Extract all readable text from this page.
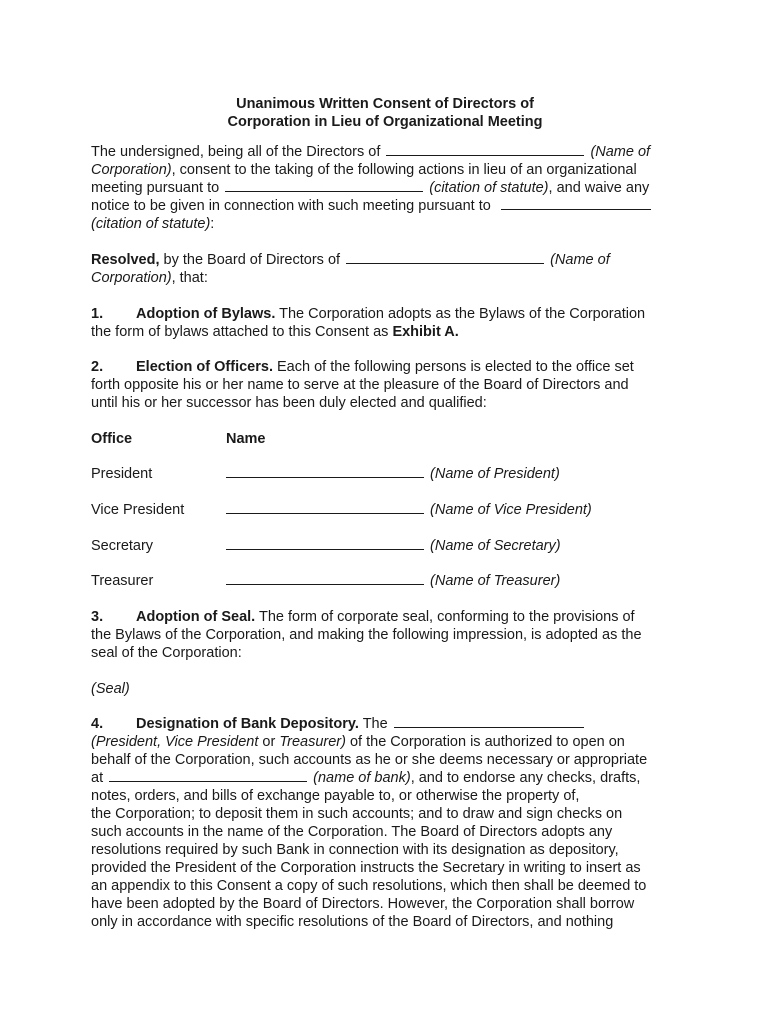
Unanimous Written Consent of Directors of
Corporation in Lieu of Organizational Meeting
The undersigned, being all of the Directors of	(Name of
Corporation), consent to the taking of the following actions in lieu of an organizational
meeting pursuant to	(citation of statute), and waive any
notice to be given in connection with such meeting pursuant to
(citation of statute):
Resolved, by the Board of Directors of	(Name of
Corporation), that:
1. Adoption of Bylaws. The Corporation adopts as the Bylaws of the Corporation
the form of bylaws attached to this Consent as Exhibit A.
2. Election of Officers. Each of the following persons is elected to the office set
forth opposite his or her name to serve at the pleasure of the Board of Directors and
until his or her successor has been duly elected and qualified:
Office	Name
President	(Name of President)
Vice President	(Name of Vice President)
Secretary	(Name of Secretary)
Treasurer	(Name of Treasurer)
3. Adoption of Seal. The form of corporate seal, conforming to the provisions of
the Bylaws of the Corporation, and making the following impression, is adopted as the
seal of the Corporation:
(Seal)
4. Designation of Bank Depository. The
(President, Vice President or Treasurer) of the Corporation is authorized to open on
behalf of the Corporation, such accounts as he or she deems necessary or appropriate
at	(name of bank), and to endorse any checks, drafts,
notes, orders, and bills of exchange payable to, or otherwise the property of,
the Corporation; to deposit them in such accounts; and to draw and sign checks on
such accounts in the name of the Corporation. The Board of Directors adopts any
resolutions required by such Bank in connection with its designation as depository,
provided the President of the Corporation instructs the Secretary in writing to insert as
an appendix to this Consent a copy of such resolutions, which then shall be deemed to
have been adopted by the Board of Directors. However, the Corporation shall borrow
only in accordance with specific resolutions of the Board of Directors, and nothing
